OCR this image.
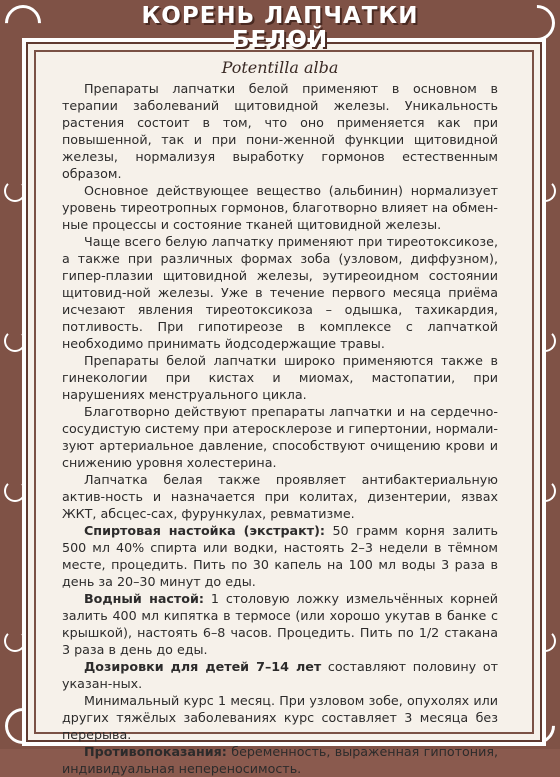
КОРЕНЬ ЛАПЧАТКИ
БЕЛОЙ
Potentilla alba

Препараты лапчатки белой применяют в основном в терапии заболеваний щитовидной железы. Уникальность растения состоит в том, что оно применяется как при повышенной, так и при пони-женной функции щитовидной железы, нормализуя выработку гормонов естественным образом.

Основное действующее вещество (альбинин) нормализует уровень тиреотропных гормонов, благотворно влияет на обмен-ные процессы и состояние тканей щитовидной железы.

Чаще всего белую лапчатку применяют при тиреотоксикозе, а также при различных формах зоба (узловом, диффузном), гипер-плазии щитовидной железы, эутиреоидном состоянии щитовид-ной железы. Уже в течение первого месяца приёма исчезают явления тиреотоксикоза – одышка, тахикардия, потливость. При гипотиреозе в комплексе с лапчаткой необходимо принимать йодсодержащие травы.

Препараты белой лапчатки широко применяются также в гинекологии при кистах и миомах, мастопатии, при нарушениях менструального цикла.

Благотворно действуют препараты лапчатки и на сердечно-сосудистую систему при атеросклерозе и гипертонии, нормали-зуют артериальное давление, способствуют очищению крови и снижению уровня холестерина.

Лапчатка белая также проявляет антибактериальную актив-ность и назначается при колитах, дизентерии, язвах ЖКТ, абсцес-сах, фурункулах, ревматизме.

Спиртовая настойка (экстракт): 50 грамм корня залить 500 мл 40% спирта или водки, настоять 2–3 недели в тёмном месте, процедить. Пить по 30 капель на 100 мл воды 3 раза в день за 20–30 минут до еды.

Водный настой: 1 столовую ложку измельчённых корней залить 400 мл кипятка в термосе (или хорошо укутав в банке с крышкой), настоять 6–8 часов. Процедить. Пить по 1/2 стакана 3 раза в день до еды.

Дозировки для детей 7–14 лет составляют половину от указан-ных.

Минимальный курс 1 месяц. При узловом зобе, опухолях или других тяжёлых заболеваниях курс составляет 3 месяца без перерыва.

Противопоказания: беременность, выраженная гипотония, индивидуальная непереносимость.
